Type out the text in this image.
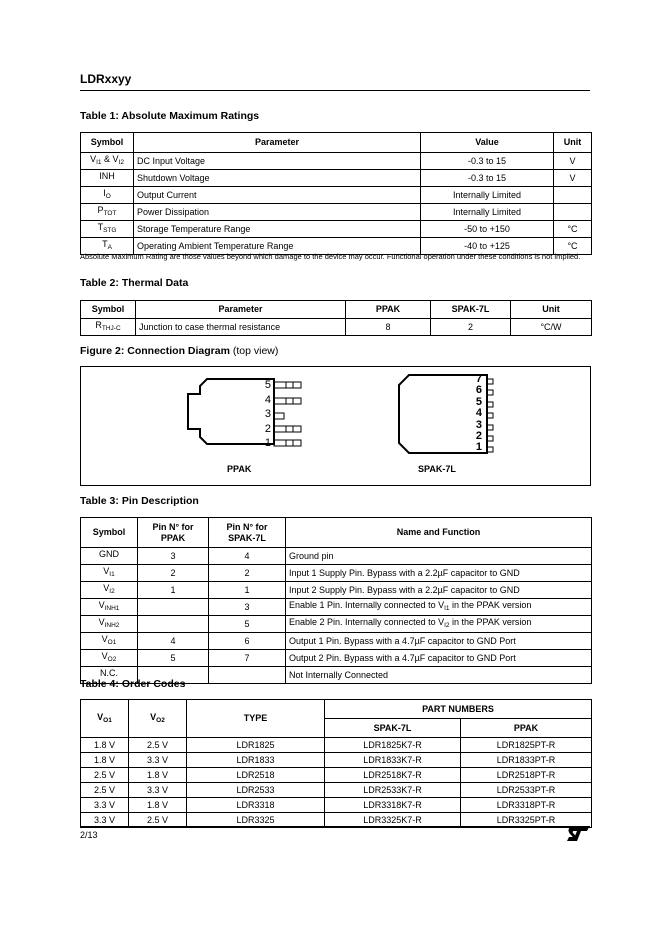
LDRxxyy
Table 1: Absolute Maximum Ratings
Symbol	Parameter	Value	Unit
$V_{I1}$ & $V_{I2}$	DC Input Voltage	-0.3 to 15	V
INH	Shutdown Voltage	-0.3 to 15	V
$I_O$	Output Current	Internally Limited	
$P_{TOT}$	Power Dissipation	Internally Limited	
$T_{STG}$	Storage Temperature Range	-50 to +150	°C
$T_A$	Operating Ambient Temperature Range	-40 to +125	°C
Absolute Maximum Rating are those values beyond which damage to the device may occur. Functional operation under these conditions is not implied.
Table 2: Thermal Data
Symbol	Parameter	PPAK	SPAK-7L	Unit
$R_{THJ-C}$	Junction to case thermal resistance	8	2	°C/W
Figure 2: Connection Diagram (top view)
5
4
3
2
1
7
6
5
4
3
2
1
PPAK	SPAK-7L
Table 3: Pin Description
Symbol	Pin N° for PPAK	Pin N° for SPAK-7L	Name and Function
GND	3	4	Ground pin
$V_{I1}$	2	2	Input 1 Supply Pin. Bypass with a 2.2µF capacitor to GND
$V_{I2}$	1	1	Input 2 Supply Pin. Bypass with a 2.2µF capacitor to GND
$V_{INH1}$		3	Enable 1 Pin. Internally connected to $V_{I1}$ in the PPAK version
$V_{INH2}$		5	Enable 2 Pin. Internally connected to $V_{I2}$ in the PPAK version
$V_{O1}$	4	6	Output 1 Pin. Bypass with a 4.7µF capacitor to GND Port
$V_{O2}$	5	7	Output 2 Pin. Bypass with a 4.7µF capacitor to GND Port
N.C.			Not Internally Connected
Table 4: Order Codes
$V_{O1}$	$V_{O2}$	TYPE	PART NUMBERS	
			SPAK-7L	PPAK
1.8 V	2.5 V	LDR1825	LDR1825K7-R	LDR1825PT-R
1.8 V	3.3 V	LDR1833	LDR1833K7-R	LDR1833PT-R
2.5 V	1.8 V	LDR2518	LDR2518K7-R	LDR2518PT-R
2.5 V	3.3 V	LDR2533	LDR2533K7-R	LDR2533PT-R
3.3 V	1.8 V	LDR3318	LDR3318K7-R	LDR3318PT-R
3.3 V	2.5 V	LDR3325	LDR3325K7-R	LDR3325PT-R
2/13
